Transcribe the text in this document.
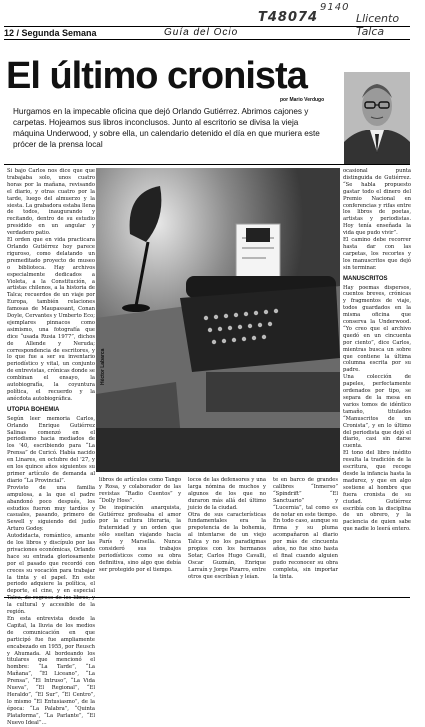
9140
T48074	Llicento Talca
12 / Segunda Semana	Guía del Ocio
El último cronista
por Mario Verdugo
Hurgamos en la impecable oficina que dejó Orlando Gutiérrez. Abrimos cajones y carpetas. Hojeamos sus libros inconclusos. Junto al escritorio se divisa la vieja máquina Underwood, y sobre ella, un calendario detenido el día en que muriera este prócer de la prensa local
Héctor Labarca

Si bajo Carlos nos dice que que trabajaba solo, unos cuatro horas por la mañana, revisando el diario, y otras cuatro por la tarde, luego del almuerzo y la siesta. La grabadora estaba llena de todos, inaugurando y recitando, dentro de su estudio presidido en un angular y verdadero patio.

El orden que en vida practicara Orlando Gutiérrez hoy parece riguroso, como delatando un premeditado proyecto de museo o biblioteca. Hay archivos especialmente dedicados a Violeta, a la Constitución, a artistas chilenos, a la historia de Talca; recuerdos de un viaje por Europa, también relaciones famosas de Maupassant, Conan Doyle, Cervantes y Umberto Eco; ejemplares pinnacos como asimismo, una fotografía que dice “usada Rusia 1977”, dichos de Allende y Neruda; correspondencia de escritores, y lo que fue a ser su inventario periodístico y vital, un conjunto de entrevistas, crónicas donde se combinan el ensayo, la autobiografía, la coyuntura política, el recuerdo y la anécdota autobiográfica.

UTOPIA BOHEMIA

Según leer memoria Carlos, Orlando Enrique Gutiérrez Salinas comenzó en el periodismo hacia mediados de los '40, escribiendo para “La Prensa” de Curicó. Había nacido en Linares, en octubre del '27, y en los quince años siguientes su primer artículo de demanda al diario “La Provincial”.

Provisto de una familia ampulosa, a la que el padre abandonó poco después, los estudios fueron muy tardíos y casuales, pasando, primero de Sewell y siguiendo del judío Arturo Godoy.

Autodidacta, romántico, amante de los libros y discípulo por las privaciones económicas, Orlando hace su entrada gloriosamente por el pasado que recordó con creces su vocación para trabajar la tinta y el papel. En este periodo adquiere la política, el deporte, el cine, y en especial Talca, de regreso de los libros, y la cultural y accesible de la región.

En esta entrevista desde la Capital, la lluvia de los medios de comunicación en que participó fue fue ampliamente encabezado en 1955, por Reusch y Ahumada. Al bordeando los titulares que mencionó el hombre: “La Tarde”, “La Mañana”, “El Liceano”, “La Prensa”, “El Intruso”, “La Vida Nueva”, “El Regional”, “El Heraldo”, “El Sur”, “El Centro”, lo mismo “El Entusiasmo”, de la época: “La Palabra”, “Quinta Plataforma”, “La Parlante”, “El Nuevo Ideal”…

libros de artículos como Tango y Rosa, y colaborador de las revistas “Radio Cuentos” y “Dolly Hoss”.

De inspiración anarquista, Gutiérrez profesaba el amor por la cultura literaria, la fraternidad y un orden que sólo sueltan viajando hacia París y Marsella. Nunca consideró sus trabajos periodísticos como su obra definitiva, sino algo que debía ser protegido por el tiempo.

locos de las defensores y una larga nómina de muchos y algunos de los que no duraron más allá del último juicio de la ciudad.

Otra de sus características fundamentales era la prepotencia de la bohemia, al intentarse de un viejo Talca y no los paradigmas propios con los hermanos Sotar, Carlos Hugo Cavalli, Oscar Guzmán, Enrique Larraín y Jorge Pizarro, entre otros que escribían y leían.

te en barco de grandes calibres “Inmerso” “Spindrift” “El Sanctuario” y “Lucernia”, tal como es de notar en este tiempo.

En todo caso, aunque su firma y su pluma acompañaron al diario por más de cincuenta años, no fue sino hasta el final cuando alguien pudo reconocer su obra completa, sin importar la tinta.

ocasional punta distinguida de Gutiérrez. “Se habla propuesto gastar todo el dinero del Premio Nacional en conferencias y rifas entre los libros de poetas, artistas y periodistas. Hoy tenía enseñada la vida que pudo vivir”.

El camino debe recorrer hasta dar con las carpetas, los recortes y los manuscritos que dejó sin terminar.

MANUSCRITOS

Hay poemas dispersos, cuentos breves, crónicas y fragmentos de viaje, todos guardados en la misma oficina que conserva la Underwood. “Yo creo que el archivo quedó en un cincuenta por ciento”, dice Carlos, mientras busca un sobre que contiene la última columna escrita por su padre.

Una colección de papeles, perfectamente ordenados por tipo, se separa de la mesa en varios tomos de idéntico tamaño, titulados “Manuscritos de un Cronista”, y en lo último del periodista que dejó el diario, casi sin darse cuenta.

El tono del libro inédito resulta la tradición de la escritura, que recoge desde la infancia hasta la madurez, y que en algo sostiene al hombre que fuera cronista de su ciudad. Gutiérrez escribía con la disciplina de un obrero, y la paciencia de quien sabe que nadie lo leerá entero.
